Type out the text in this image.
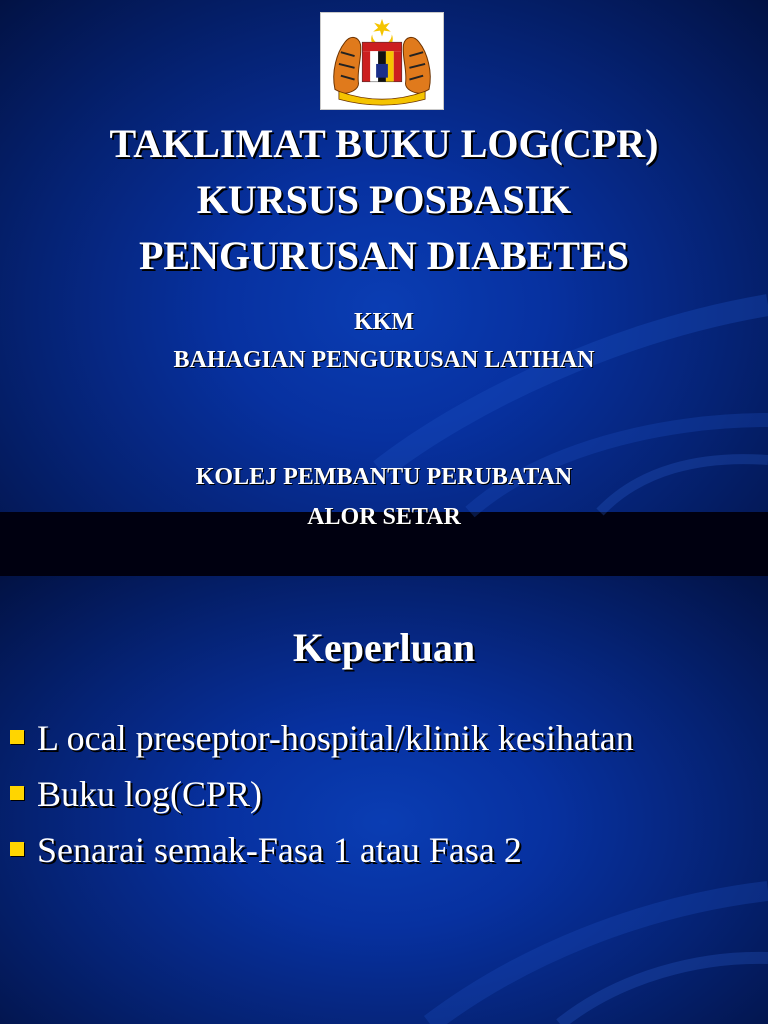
TAKLIMAT BUKU LOG(CPR)
KURSUS POSBASIK
PENGURUSAN DIABETES
KKM
BAHAGIAN PENGURUSAN LATIHAN
KOLEJ PEMBANTU PERUBATAN
ALOR SETAR
Keperluan
L ocal preseptor-hospital/klinik kesihatan
Buku log(CPR)
Senarai semak-Fasa 1 atau Fasa 2
